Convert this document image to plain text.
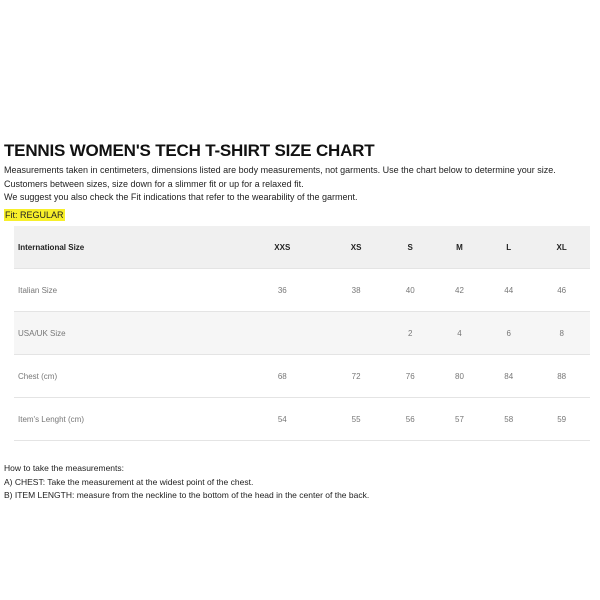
TENNIS WOMEN'S TECH T-SHIRT SIZE CHART

Measurements taken in centimeters, dimensions listed are body measurements, not garments. Use the chart below to determine your size. Customers between sizes, size down for a slimmer fit or up for a relaxed fit.

We suggest you also check the Fit indications that refer to the wearability of the garment.

Fit: REGULAR
International Size	XXS	XS	S	M	L	XL
Italian Size	36	38	40	42	44	46
USA/UK Size			2	4	6	8
Chest (cm)	68	72	76	80	84	88
Item's Lenght (cm)	54	55	56	57	58	59

How to take the measurements:

A) CHEST: Take the measurement at the widest point of the chest.

B) ITEM LENGTH: measure from the neckline to the bottom of the head in the center of the back.
